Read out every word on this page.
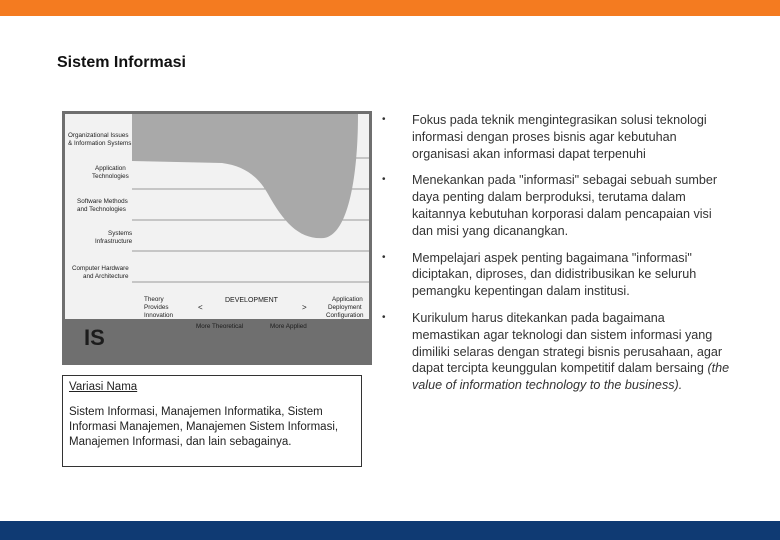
Sistem Informasi
Organizational Issues
& Information Systems
Application
Technologies
Software Methods
and Technologies
Systems
Infrastructure
Computer Hardware
and Architecture
Theory
Provides
Innovation
<
DEVELOPMENT
>
Application
Deployment
Configuration
More Theoretical	More Applied
IS
Variasi Nama
Sistem Informasi, Manajemen Informatika, Sistem Informasi Manajemen, Manajemen Sistem Informasi, Manajemen Informasi, dan lain sebagainya.
• Fokus pada teknik mengintegrasikan solusi teknologi informasi dengan proses bisnis agar kebutuhan organisasi akan informasi dapat terpenuhi
• Menekankan pada "informasi" sebagai sebuah sumber daya penting dalam berproduksi, terutama dalam kaitannya kebutuhan korporasi dalam pencapaian visi dan misi yang dicanangkan.
• Mempelajari aspek penting bagaimana "informasi" diciptakan, diproses, dan didistribusikan ke seluruh pemangku kepentingan dalam institusi.
• Kurikulum harus ditekankan pada bagaimana memastikan agar teknologi dan sistem informasi yang dimiliki selaras dengan strategi bisnis perusahaan, agar dapat tercipta keunggulan kompetitif dalam bersaing (the value of information technology to the business).
